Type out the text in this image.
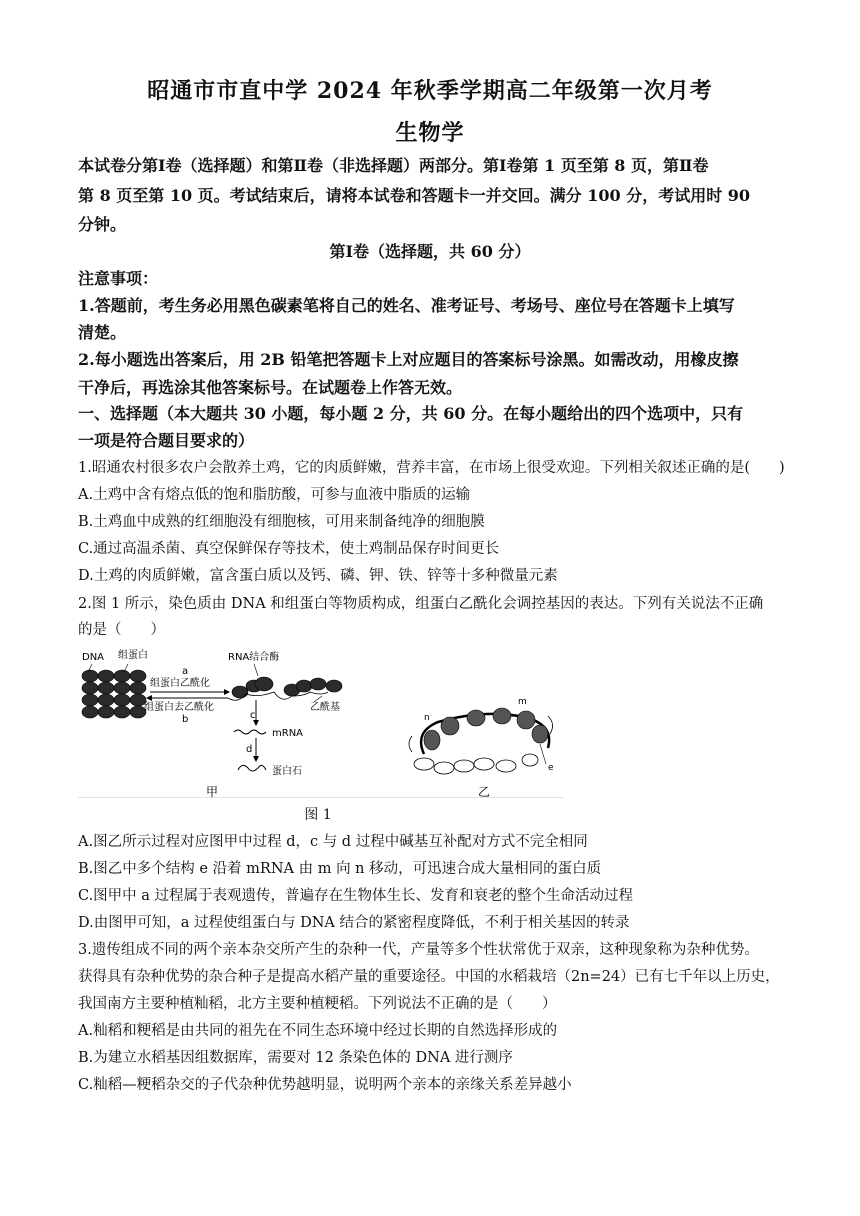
昭通市市直中学 2024 年秋季学期高二年级第一次月考
生物学
本试卷分第Ⅰ卷（选择题）和第Ⅱ卷（非选择题）两部分。第Ⅰ卷第 1 页至第 8 页，第Ⅱ卷
第 8 页至第 10 页。考试结束后，请将本试卷和答题卡一并交回。满分 100 分，考试用时 90
分钟。
第Ⅰ卷（选择题，共 60 分）
注意事项：
1.答题前，考生务必用黑色碳素笔将自己的姓名、准考证号、考场号、座位号在答题卡上填写
清楚。
2.每小题选出答案后，用 2B 铅笔把答题卡上对应题目的答案标号涂黑。如需改动，用橡皮擦
干净后，再选涂其他答案标号。在试题卷上作答无效。
一、选择题（本大题共 30 小题，每小题 2 分，共 60 分。在每小题给出的四个选项中，只有
一项是符合题目要求的）
1.昭通农村很多农户会散养土鸡，它的肉质鲜嫩，营养丰富，在市场上很受欢迎。下列相关叙述正确的是(　　)
A.土鸡中含有熔点低的饱和脂肪酸，可参与血液中脂质的运输
B.土鸡血中成熟的红细胞没有细胞核，可用来制备纯净的细胞膜
C.通过高温杀菌、真空保鲜保存等技术，使土鸡制品保存时间更长
D.土鸡的肉质鲜嫩，富含蛋白质以及钙、磷、钾、铁、锌等十多种微量元素
2.图 1 所示，染色质由 DNA 和组蛋白等物质构成，组蛋白乙酰化会调控基因的表达。下列有关说法不正确
的是（　　）
DNA 组蛋白
a
组蛋白乙酰化
组蛋白去乙酰化
b
RNA结合酶
乙酰基
c
mRNA
d
蛋白石
甲	乙
n
m
e
图 1
A.图乙所示过程对应图甲中过程 d，c 与 d 过程中碱基互补配对方式不完全相同
B.图乙中多个结构 e 沿着 mRNA 由 m 向 n 移动，可迅速合成大量相同的蛋白质
C.图甲中 a 过程属于表观遗传，普遍存在生物体生长、发育和衰老的整个生命活动过程
D.由图甲可知，a 过程使组蛋白与 DNA 结合的紧密程度降低，不利于相关基因的转录
3.遗传组成不同的两个亲本杂交所产生的杂种一代，产量等多个性状常优于双亲，这种现象称为杂种优势。
获得具有杂种优势的杂合种子是提高水稻产量的重要途径。中国的水稻栽培（2n=24）已有七千年以上历史，
我国南方主要种植籼稻，北方主要种植粳稻。下列说法不正确的是（　　）
A.籼稻和粳稻是由共同的祖先在不同生态环境中经过长期的自然选择形成的
B.为建立水稻基因组数据库，需要对 12 条染色体的 DNA 进行测序
C.籼稻—粳稻杂交的子代杂种优势越明显，说明两个亲本的亲缘关系差异越小
